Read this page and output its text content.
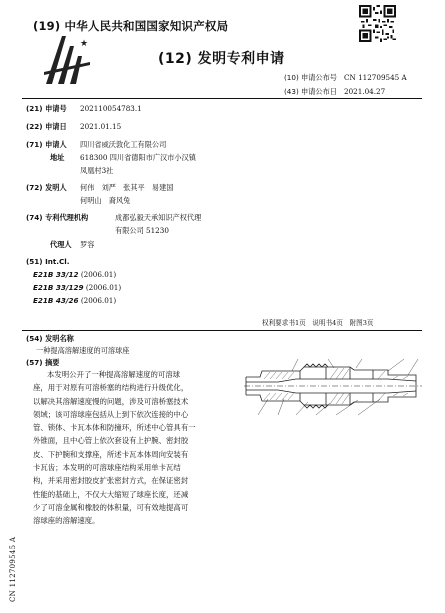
★
(19) 中华人民共和国国家知识产权局
(12) 发明专利申请
(10) 申请公布号 CN 112709545 A
(43) 申请公布日 2021.04.27
(21) 申请号 202110054783.1
(22) 申请日 2021.01.15
(71) 申请人 四川省威沃敦化工有限公司
地址 618300 四川省德阳市广汉市小汉镇
凤凰村3社
(72) 发明人 何伟　刘严　张其平　易建国
何明山　裔风兔
(74) 专利代理机构	成都弘毅天承知识产权代理
有限公司 51230
代理人 罗容
(51) Int.Cl.
E21B 33/12 (2006.01)
E21B 33/129 (2006.01)
E21B 43/26 (2006.01)
权利要求书1页　说明书4页　附图3页
(54) 发明名称
一种提高溶解速度的可溶球座
(57) 摘要
本发明公开了一种提高溶解速度的可溶球
座，用于对原有可溶桥塞的结构进行升级优化，
以解决其溶解速度慢的问题，涉及可溶桥塞技术
领域；该可溶球座包括从上到下依次连接的中心
管、锁体、卡瓦本体和防撞环，所述中心管具有一
外锥面，且中心管上依次套设有上护腕、密封胶
皮、下护腕和支撑座，所述卡瓦本体周向安装有
卡瓦齿；本发明的可溶球座结构采用单卡瓦结
构，并采用密封胶皮扩张密封方式，在保证密封
性能的基础上，不仅大大缩短了球座长度，还减
少了可溶金属和橡胶的体积量，可有效地提高可
溶球座的溶解速度。
CN 112709545 A
